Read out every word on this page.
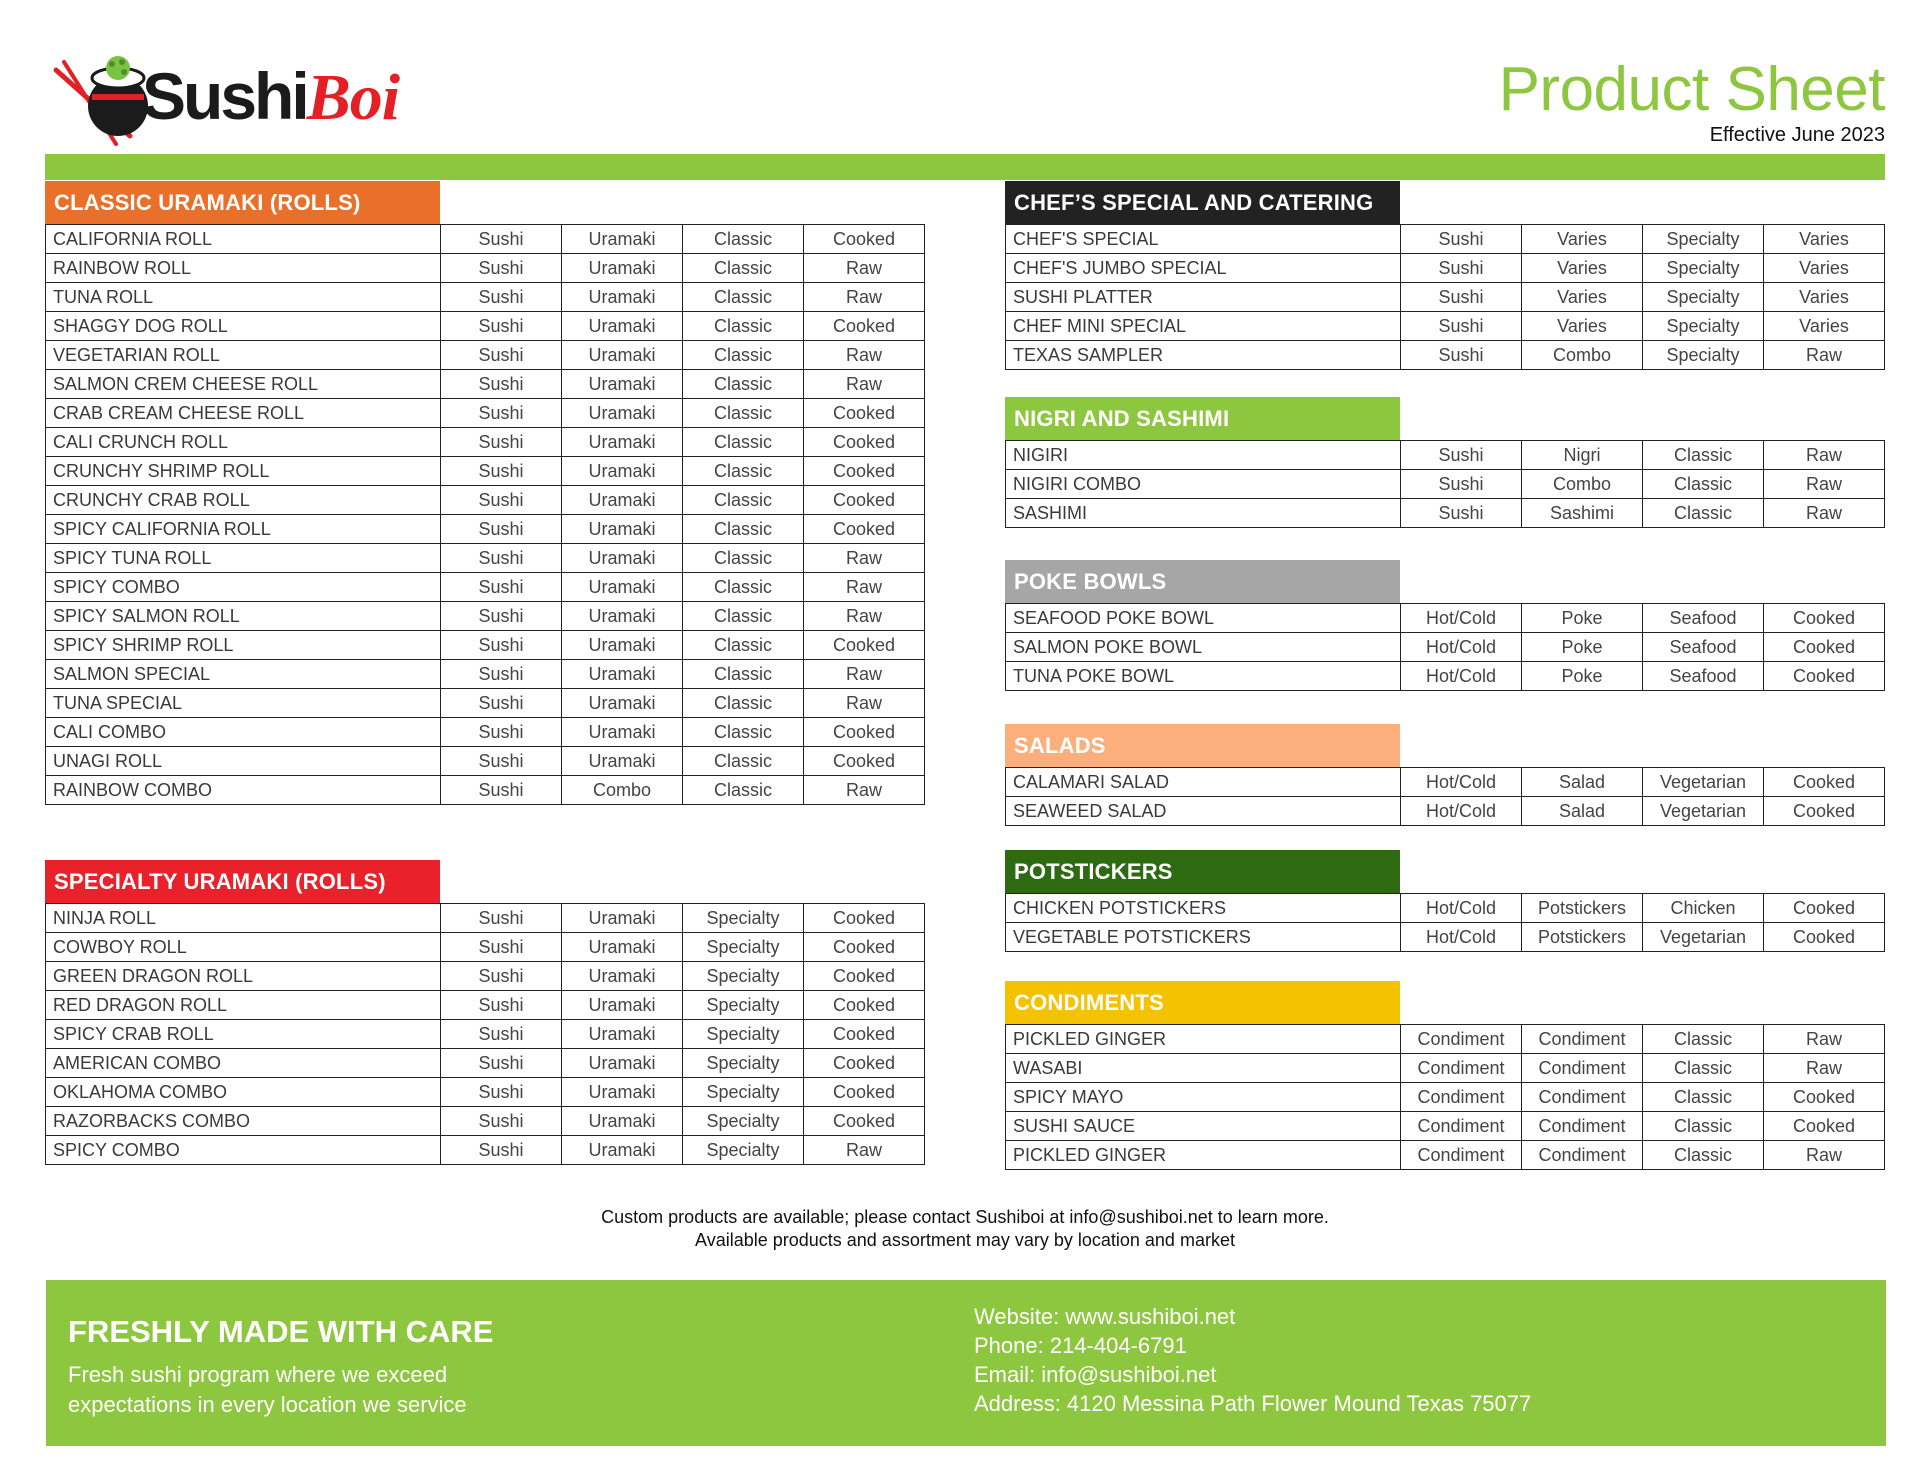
SushiBoi	Product Sheet
Effective June 2023
CLASSIC URAMAKI (ROLLS)
CALIFORNIA ROLL	Sushi	Uramaki	Classic	Cooked
RAINBOW ROLL	Sushi	Uramaki	Classic	Raw
TUNA ROLL	Sushi	Uramaki	Classic	Raw
SHAGGY DOG ROLL	Sushi	Uramaki	Classic	Cooked
VEGETARIAN ROLL	Sushi	Uramaki	Classic	Raw
SALMON CREM CHEESE ROLL	Sushi	Uramaki	Classic	Raw
CRAB CREAM CHEESE ROLL	Sushi	Uramaki	Classic	Cooked
CALI CRUNCH ROLL	Sushi	Uramaki	Classic	Cooked
CRUNCHY SHRIMP ROLL	Sushi	Uramaki	Classic	Cooked
CRUNCHY CRAB ROLL	Sushi	Uramaki	Classic	Cooked
SPICY CALIFORNIA ROLL	Sushi	Uramaki	Classic	Cooked
SPICY TUNA ROLL	Sushi	Uramaki	Classic	Raw
SPICY COMBO	Sushi	Uramaki	Classic	Raw
SPICY SALMON ROLL	Sushi	Uramaki	Classic	Raw
SPICY SHRIMP ROLL	Sushi	Uramaki	Classic	Cooked
SALMON SPECIAL	Sushi	Uramaki	Classic	Raw
TUNA SPECIAL	Sushi	Uramaki	Classic	Raw
CALI COMBO	Sushi	Uramaki	Classic	Cooked
UNAGI ROLL	Sushi	Uramaki	Classic	Cooked
RAINBOW COMBO	Sushi	Combo	Classic	Raw
SPECIALTY URAMAKI (ROLLS)
NINJA ROLL	Sushi	Uramaki	Specialty	Cooked
COWBOY ROLL	Sushi	Uramaki	Specialty	Cooked
GREEN DRAGON ROLL	Sushi	Uramaki	Specialty	Cooked
RED DRAGON ROLL	Sushi	Uramaki	Specialty	Cooked
SPICY CRAB ROLL	Sushi	Uramaki	Specialty	Cooked
AMERICAN COMBO	Sushi	Uramaki	Specialty	Cooked
OKLAHOMA COMBO	Sushi	Uramaki	Specialty	Cooked
RAZORBACKS COMBO	Sushi	Uramaki	Specialty	Cooked
SPICY COMBO	Sushi	Uramaki	Specialty	Raw
CHEF’S SPECIAL AND CATERING
CHEF'S SPECIAL	Sushi	Varies	Specialty	Varies
CHEF'S JUMBO SPECIAL	Sushi	Varies	Specialty	Varies
SUSHI PLATTER	Sushi	Varies	Specialty	Varies
CHEF MINI SPECIAL	Sushi	Varies	Specialty	Varies
TEXAS SAMPLER	Sushi	Combo	Specialty	Raw
NIGRI AND SASHIMI
NIGIRI	Sushi	Nigri	Classic	Raw
NIGIRI COMBO	Sushi	Combo	Classic	Raw
SASHIMI	Sushi	Sashimi	Classic	Raw
POKE BOWLS
SEAFOOD POKE BOWL	Hot/Cold	Poke	Seafood	Cooked
SALMON POKE BOWL	Hot/Cold	Poke	Seafood	Cooked
TUNA POKE BOWL	Hot/Cold	Poke	Seafood	Cooked
SALADS
CALAMARI SALAD	Hot/Cold	Salad	Vegetarian	Cooked
SEAWEED SALAD	Hot/Cold	Salad	Vegetarian	Cooked
POTSTICKERS
CHICKEN POTSTICKERS	Hot/Cold	Potstickers	Chicken	Cooked
VEGETABLE POTSTICKERS	Hot/Cold	Potstickers	Vegetarian	Cooked
CONDIMENTS
PICKLED GINGER	Condiment	Condiment	Classic	Raw
WASABI	Condiment	Condiment	Classic	Raw
SPICY MAYO	Condiment	Condiment	Classic	Cooked
SUSHI SAUCE	Condiment	Condiment	Classic	Cooked
PICKLED GINGER	Condiment	Condiment	Classic	Raw
Custom products are available; please contact Sushiboi at info@sushiboi.net to learn more.
Available products and assortment may vary by location and market
FRESHLY MADE WITH CARE
Fresh sushi program where we exceed
expectations in every location we service
Website: www.sushiboi.net
Phone: 214-404-6791
Email: info@sushiboi.net
Address: 4120 Messina Path Flower Mound Texas 75077
